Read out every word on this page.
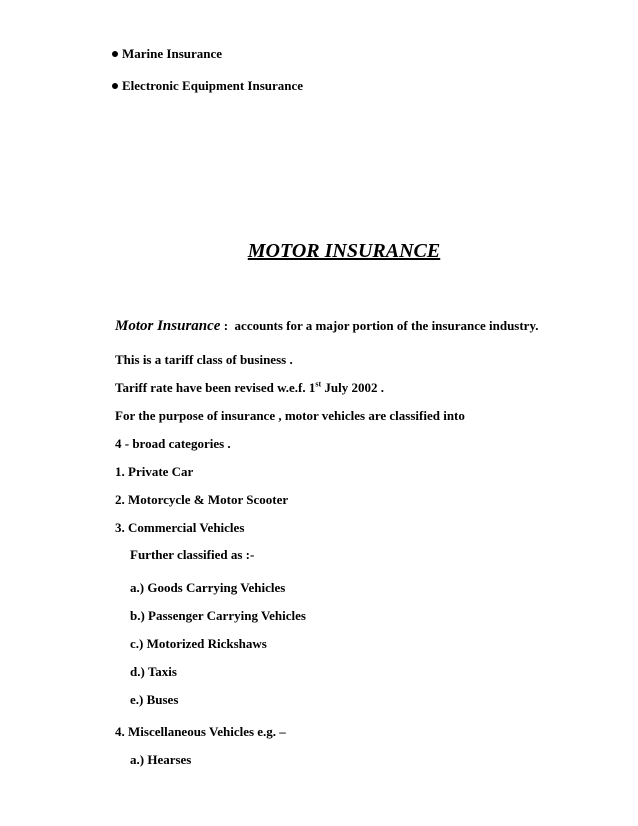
Marine Insurance
Electronic Equipment Insurance
MOTOR INSURANCE
Motor Insurance : accounts for a major portion of the insurance industry.
This is a tariff class of business .
Tariff rate have been revised w.e.f. 1st July 2002 .
For the purpose of insurance , motor vehicles are classified into
4 - broad categories .
1. Private Car
2. Motorcycle & Motor Scooter
3. Commercial Vehicles
Further classified as :-
a.) Goods Carrying Vehicles
b.) Passenger Carrying Vehicles
c.) Motorized Rickshaws
d.) Taxis
e.) Buses
4. Miscellaneous Vehicles e.g. –
a.) Hearses
